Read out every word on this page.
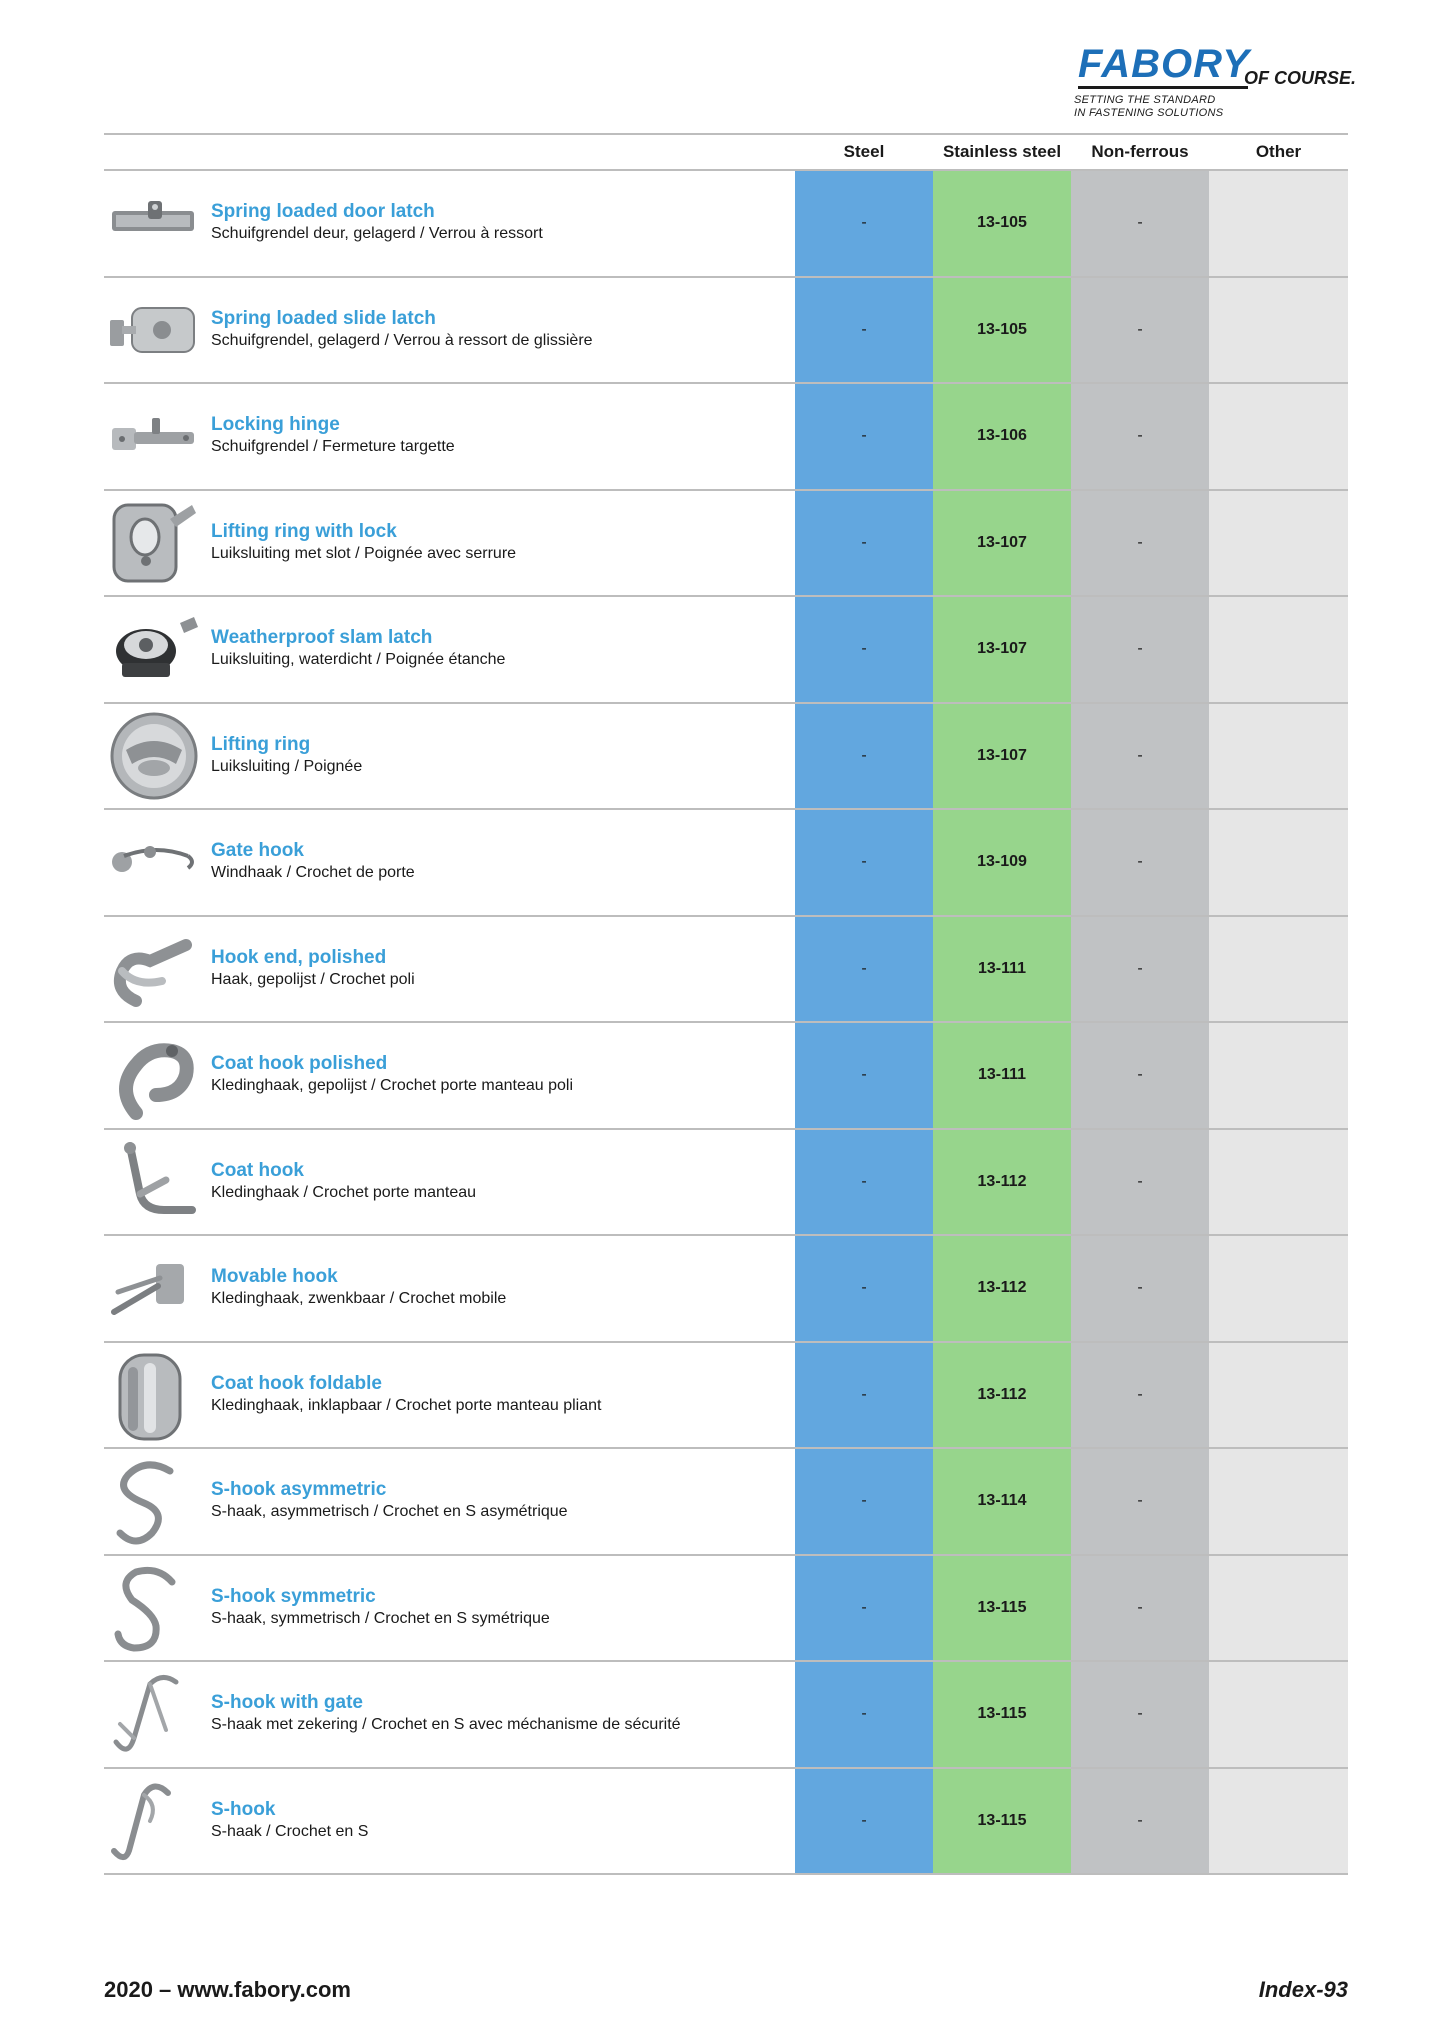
FABORY
OF COURSE.
SETTING THE STANDARD
IN FASTENING SOLUTIONS
Steel	Stainless steel	Non-ferrous	Other
Spring loaded door latch
Schuifgrendel deur, gelagerd / Verrou à ressort
-	13-105	-
Spring loaded slide latch
Schuifgrendel, gelagerd / Verrou à ressort de glissière
-	13-105	-
Locking hinge
Schuifgrendel / Fermeture targette
-	13-106	-
Lifting ring with lock
Luiksluiting met slot / Poignée avec serrure
-	13-107	-
Weatherproof slam latch
Luiksluiting, waterdicht / Poignée étanche
-	13-107	-
Lifting ring
Luiksluiting / Poignée
-	13-107	-
Gate hook
Windhaak / Crochet de porte
-	13-109	-
Hook end, polished
Haak, gepolijst / Crochet poli
-	13-111	-
Coat hook polished
Kledinghaak, gepolijst / Crochet porte manteau poli
-	13-111	-
Coat hook
Kledinghaak / Crochet porte manteau
-	13-112	-
Movable hook
Kledinghaak, zwenkbaar / Crochet mobile
-	13-112	-
Coat hook foldable
Kledinghaak, inklapbaar / Crochet porte manteau pliant
-	13-112	-
S-hook asymmetric
S-haak, asymmetrisch / Crochet en S asymétrique
-	13-114	-
S-hook symmetric
S-haak, symmetrisch / Crochet en S symétrique
-	13-115	-
S-hook with gate
S-haak met zekering / Crochet en S avec méchanisme de sécurité
-	13-115	-
S-hook
S-haak / Crochet en S
-	13-115	-
2020 – www.fabory.com	Index-93
